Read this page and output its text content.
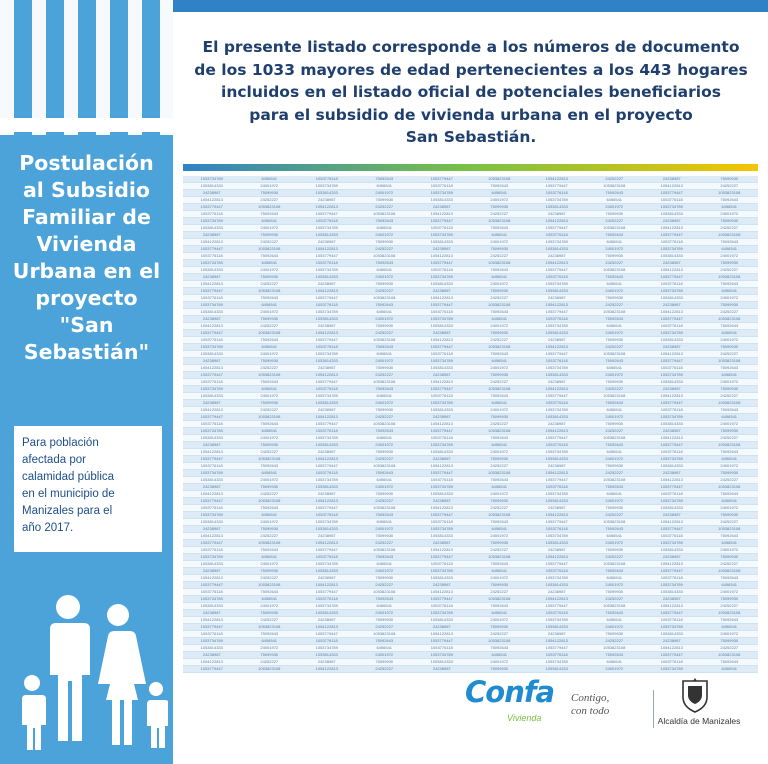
Postulación
al Subsidio
Familiar de
Vivienda
Urbana en el
proyecto
"San
Sebastián"
Para población
afectada por
calamidad pública
en el municipio de
Manizales para el
año 2017.
El presente listado corresponde a los números de documento
de los 1033 mayores de edad pertenecientes a los 443 hogares
incluidos en el listado oficial de potenciales beneficiarios
para el subsidio de vivienda urbana en el proyecto
San Sebastián.
1053734789	6456541	1053776118	75092643	1053779447	1053823108	1054122813	24252227	24238987	75099930
1053814333	24001972	1053734789	6456541	1053776118	75092643	1053779447	1053823108	1054122813	24252227
24238987	75099930	1053814333	24001972	1053734789	6456541	1053776118	75092643	1053779447	1053823108
1054122813	24252227	24238987	75099930	1053814333	24001972	1053734789	6456541	1053776118	75092643
1053779447	1053823108	1054122813	24252227	24238987	75099930	1053814333	24001972	1053734789	6456541
1053776118	75092643	1053779447	1053823108	1054122813	24252227	24238987	75099930	1053814333	24001972
1053734789	6456541	1053776118	75092643	1053779447	1053823108	1054122813	24252227	24238987	75099930
1053814333	24001972	1053734789	6456541	1053776118	75092643	1053779447	1053823108	1054122813	24252227
24238987	75099930	1053814333	24001972	1053734789	6456541	1053776118	75092643	1053779447	1053823108
1054122813	24252227	24238987	75099930	1053814333	24001972	1053734789	6456541	1053776118	75092643
1053779447	1053823108	1054122813	24252227	24238987	75099930	1053814333	24001972	1053734789	6456541
1053776118	75092643	1053779447	1053823108	1054122813	24252227	24238987	75099930	1053814333	24001972
1053734789	6456541	1053776118	75092643	1053779447	1053823108	1054122813	24252227	24238987	75099930
1053814333	24001972	1053734789	6456541	1053776118	75092643	1053779447	1053823108	1054122813	24252227
24238987	75099930	1053814333	24001972	1053734789	6456541	1053776118	75092643	1053779447	1053823108
1054122813	24252227	24238987	75099930	1053814333	24001972	1053734789	6456541	1053776118	75092643
1053779447	1053823108	1054122813	24252227	24238987	75099930	1053814333	24001972	1053734789	6456541
1053776118	75092643	1053779447	1053823108	1054122813	24252227	24238987	75099930	1053814333	24001972
1053734789	6456541	1053776118	75092643	1053779447	1053823108	1054122813	24252227	24238987	75099930
1053814333	24001972	1053734789	6456541	1053776118	75092643	1053779447	1053823108	1054122813	24252227
24238987	75099930	1053814333	24001972	1053734789	6456541	1053776118	75092643	1053779447	1053823108
1054122813	24252227	24238987	75099930	1053814333	24001972	1053734789	6456541	1053776118	75092643
1053779447	1053823108	1054122813	24252227	24238987	75099930	1053814333	24001972	1053734789	6456541
1053776118	75092643	1053779447	1053823108	1054122813	24252227	24238987	75099930	1053814333	24001972
1053734789	6456541	1053776118	75092643	1053779447	1053823108	1054122813	24252227	24238987	75099930
1053814333	24001972	1053734789	6456541	1053776118	75092643	1053779447	1053823108	1054122813	24252227
24238987	75099930	1053814333	24001972	1053734789	6456541	1053776118	75092643	1053779447	1053823108
1054122813	24252227	24238987	75099930	1053814333	24001972	1053734789	6456541	1053776118	75092643
1053779447	1053823108	1054122813	24252227	24238987	75099930	1053814333	24001972	1053734789	6456541
1053776118	75092643	1053779447	1053823108	1054122813	24252227	24238987	75099930	1053814333	24001972
1053734789	6456541	1053776118	75092643	1053779447	1053823108	1054122813	24252227	24238987	75099930
1053814333	24001972	1053734789	6456541	1053776118	75092643	1053779447	1053823108	1054122813	24252227
24238987	75099930	1053814333	24001972	1053734789	6456541	1053776118	75092643	1053779447	1053823108
1054122813	24252227	24238987	75099930	1053814333	24001972	1053734789	6456541	1053776118	75092643
1053779447	1053823108	1054122813	24252227	24238987	75099930	1053814333	24001972	1053734789	6456541
1053776118	75092643	1053779447	1053823108	1054122813	24252227	24238987	75099930	1053814333	24001972
1053734789	6456541	1053776118	75092643	1053779447	1053823108	1054122813	24252227	24238987	75099930
1053814333	24001972	1053734789	6456541	1053776118	75092643	1053779447	1053823108	1054122813	24252227
24238987	75099930	1053814333	24001972	1053734789	6456541	1053776118	75092643	1053779447	1053823108
1054122813	24252227	24238987	75099930	1053814333	24001972	1053734789	6456541	1053776118	75092643
1053779447	1053823108	1054122813	24252227	24238987	75099930	1053814333	24001972	1053734789	6456541
1053776118	75092643	1053779447	1053823108	1054122813	24252227	24238987	75099930	1053814333	24001972
1053734789	6456541	1053776118	75092643	1053779447	1053823108	1054122813	24252227	24238987	75099930
1053814333	24001972	1053734789	6456541	1053776118	75092643	1053779447	1053823108	1054122813	24252227
24238987	75099930	1053814333	24001972	1053734789	6456541	1053776118	75092643	1053779447	1053823108
1054122813	24252227	24238987	75099930	1053814333	24001972	1053734789	6456541	1053776118	75092643
1053779447	1053823108	1054122813	24252227	24238987	75099930	1053814333	24001972	1053734789	6456541
1053776118	75092643	1053779447	1053823108	1054122813	24252227	24238987	75099930	1053814333	24001972
1053734789	6456541	1053776118	75092643	1053779447	1053823108	1054122813	24252227	24238987	75099930
1053814333	24001972	1053734789	6456541	1053776118	75092643	1053779447	1053823108	1054122813	24252227
24238987	75099930	1053814333	24001972	1053734789	6456541	1053776118	75092643	1053779447	1053823108
1054122813	24252227	24238987	75099930	1053814333	24001972	1053734789	6456541	1053776118	75092643
1053779447	1053823108	1054122813	24252227	24238987	75099930	1053814333	24001972	1053734789	6456541
1053776118	75092643	1053779447	1053823108	1054122813	24252227	24238987	75099930	1053814333	24001972
1053734789	6456541	1053776118	75092643	1053779447	1053823108	1054122813	24252227	24238987	75099930
1053814333	24001972	1053734789	6456541	1053776118	75092643	1053779447	1053823108	1054122813	24252227
24238987	75099930	1053814333	24001972	1053734789	6456541	1053776118	75092643	1053779447	1053823108
1054122813	24252227	24238987	75099930	1053814333	24001972	1053734789	6456541	1053776118	75092643
1053779447	1053823108	1054122813	24252227	24238987	75099930	1053814333	24001972	1053734789	6456541
1053776118	75092643	1053779447	1053823108	1054122813	24252227	24238987	75099930	1053814333	24001972
1053734789	6456541	1053776118	75092643	1053779447	1053823108	1054122813	24252227	24238987	75099930
1053814333	24001972	1053734789	6456541	1053776118	75092643	1053779447	1053823108	1054122813	24252227
24238987	75099930	1053814333	24001972	1053734789	6456541	1053776118	75092643	1053779447	1053823108
1054122813	24252227	24238987	75099930	1053814333	24001972	1053734789	6456541	1053776118	75092643
1053779447	1053823108	1054122813	24252227	24238987	75099930	1053814333	24001972	1053734789	6456541
1053776118	75092643	1053779447	1053823108	1054122813	24252227	24238987	75099930	1053814333	24001972
1053734789	6456541	1053776118	75092643	1053779447	1053823108	1054122813	24252227	24238987	75099930
1053814333	24001972	1053734789	6456541	1053776118	75092643	1053779447	1053823108	1054122813	24252227
24238987	75099930	1053814333	24001972	1053734789	6456541	1053776118	75092643	1053779447	1053823108
1054122813	24252227	24238987	75099930	1053814333	24001972	1053734789	6456541	1053776118	75092643
1053779447	1053823108	1054122813	24252227	24238987	75099930	1053814333	24001972	1053734789	6456541

Confa
Vivienda
Contigo,
con todo
Alcaldía de Manizales
